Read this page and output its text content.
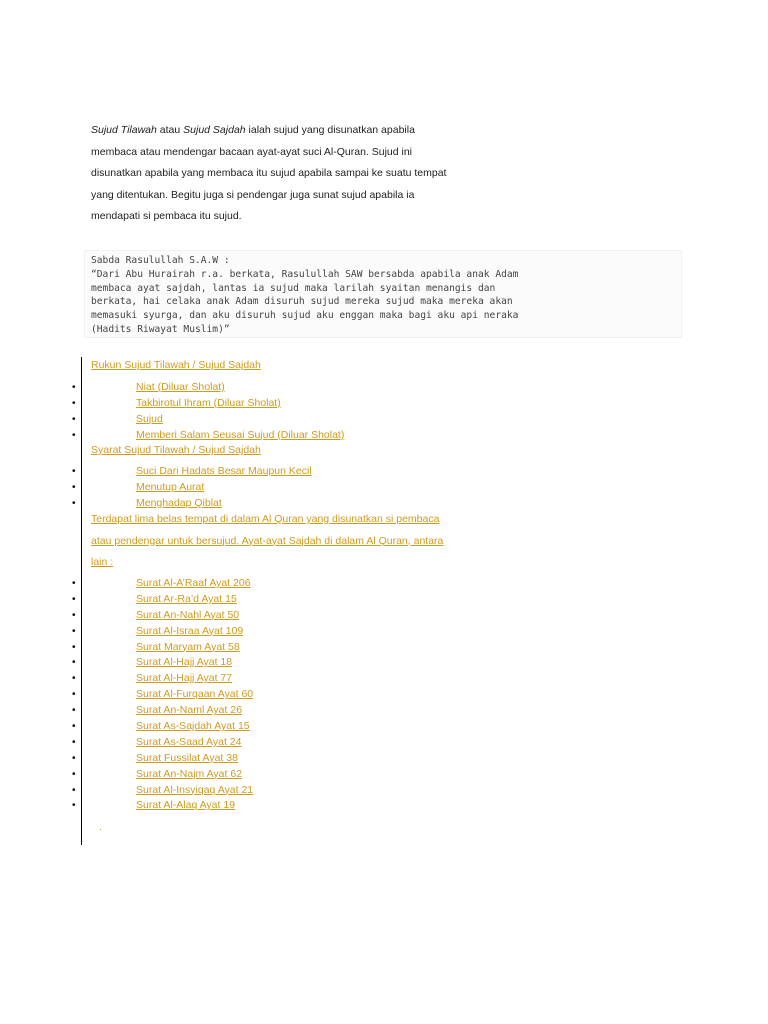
Sujud Tilawah atau Sujud Sajdah ialah sujud yang disunatkan apabila

membaca atau mendengar bacaan ayat-ayat suci Al-Quran. Sujud ini

disunatkan apabila yang membaca itu sujud apabila sampai ke suatu tempat

yang ditentukan. Begitu juga si pendengar juga sunat sujud apabila ia

mendapati si pembaca itu sujud.

Sabda Rasulullah S.A.W :
“Dari Abu Hurairah r.a. berkata, Rasulullah SAW bersabda apabila anak Adam
membaca ayat sajdah, lantas ia sujud maka larilah syaitan menangis dan
berkata, hai celaka anak Adam disuruh sujud mereka sujud maka mereka akan
memasuki syurga, dan aku disuruh sujud aku enggan maka bagi aku api neraka
(Hadits Riwayat Muslim)”
Rukun Sujud Tilawah / Sujud Sajdah
•	Niat (Diluar Sholat)
•	Takbirotul Ihram (Diluar Sholat)
•	Sujud
•	Memberi Salam Seusai Sujud (Diluar Sholat)
Syarat Sujud Tilawah / Sujud Sajdah
•	Suci Dari Hadats Besar Maupun Kecil
•	Menutup Aurat
•	Menghadap Qiblat
Terdapat lima belas tempat di dalam Al Quran yang disunatkan si pembaca
atau pendengar untuk bersujud. Ayat-ayat Sajdah di dalam Al Quran, antara
lain :
•	Surat Al-A’Raaf Ayat 206
•	Surat Ar-Ra’d Ayat 15
•	Surat An-Nahl Ayat 50
•	Surat Al-Israa Ayat 109
•	Surat Maryam Ayat 58
•	Surat Al-Hajj Ayat 18
•	Surat Al-Hajj Ayat 77
•	Surat Al-Furqaan Ayat 60
•	Surat An-Naml Ayat 26
•	Surat As-Sajdah Ayat 15
•	Surat As-Saad Ayat 24
•	Surat Fussilat Ayat 38
•	Surat An-Najm Ayat 62
•	Surat Al-Insyiqaq Ayat 21
•	Surat Al-Alaq Ayat 19
.
